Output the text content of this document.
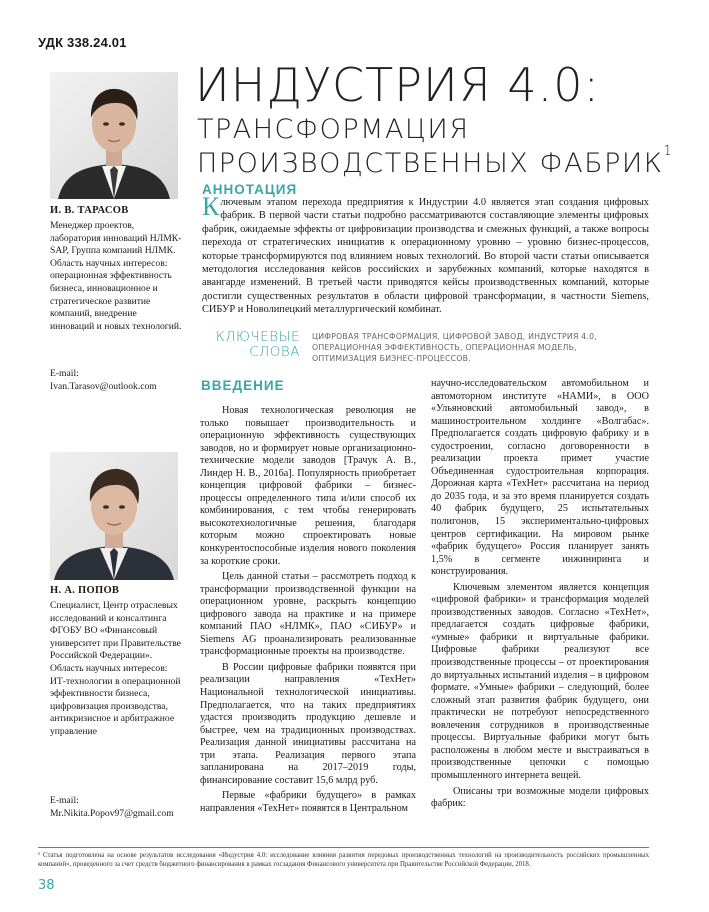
УДК 338.24.01
И. В. ТАРАСОВ
Менеджер проектов, лаборатория инноваций НЛМК-SAP, Группа компаний НЛМК. Область научных интересов: операционная эффективность бизнеса, инновационное и стратегическое развитие компаний, внедрение инноваций и новых технологий.
E-mail:
Ivan.Tarasov@outlook.com
Н. А. ПОПОВ
Специалист, Центр отраслевых исследований и консалтинга ФГОБУ ВО «Финансовый университет при Правительстве Российской Федерации». Область научных интересов: ИТ-технологии в операционной эффективности бизнеса, цифровизация производства, антикризисное и арбитражное управление
E-mail:
Mr.Nikita.Popov97@gmail.com
ИНДУСТРИЯ 4.0:
ТРАНСФОРМАЦИЯ
ПРОИЗВОДСТВЕННЫХ ФАБРИК$^1$
АННОТАЦИЯ
Ключевым этапом перехода предприятия к Индустрии 4.0 является этап создания цифровых фабрик. В первой части статьи подробно рассматриваются составляющие элементы цифровых фабрик, ожидаемые эффекты от цифровизации производства и смежных функций, а также вопросы перехода от стратегических инициатив к операционному уровню – уровню бизнес-процессов, которые трансформируются под влиянием новых технологий. Во второй части статьи описывается методология исследования кейсов российских и зарубежных компаний, которые находятся в авангарде изменений. В третьей части приводятся кейсы производственных компаний, которые достигли существенных результатов в области цифровой трансформации, в частности Siemens, СИБУР и Новолипецкий металлургический комбинат.
КЛЮЧЕВЫЕ
СЛОВА
ЦИФРОВАЯ ТРАНСФОРМАЦИЯ, ЦИФРОВОЙ ЗАВОД, ИНДУСТРИЯ 4.0, ОПЕРАЦИОННАЯ ЭФФЕКТИВНОСТЬ, ОПЕРАЦИОННАЯ МОДЕЛЬ, ОПТИМИЗАЦИЯ БИЗНЕС-ПРОЦЕССОВ.
ВВЕДЕНИЕ

Новая технологическая революция не только повышает производительность и операционную эффективность существующих заводов, но и формирует новые организационно-технические модели заводов [Трачук А. В., Линдер Н. В., 2016а]. Популярность приобретает концепция цифровой фабрики – бизнес-процессы определенного типа и/или способ их комбинирования, с тем чтобы генерировать высокотехнологичные решения, благодаря которым можно спроектировать новые конкурентоспособные изделия нового поколения за короткие сроки.

Цель данной статьи – рассмотреть подход к трансформации производственной функции на операционном уровне, раскрыть концепцию цифрового завода на практике и на примере компаний ПАО «НЛМК», ПАО «СИБУР» и Siemens AG проанализировать реализованные трансформационные проекты на производстве.

В России цифровые фабрики появятся при реализации направления «ТехНет» Национальной технологической инициативы. Предполагается, что на таких предприятиях удастся производить продукцию дешевле и быстрее, чем на традиционных производствах. Реализация данной инициативы рассчитана на три этапа. Реализация первого этапа запланирована на 2017–2019 годы, финансирование составит 15,6 млрд руб.

Первые «фабрики будущего» в рамках направления «ТехНет» появятся в Центральном

научно-исследовательском автомобильном и автомоторном институте «НАМИ», в ООО «Ульяновский автомобильный завод», в машиностроительном холдинге «Волгабас». Предполагается создать цифровую фабрику и в судостроении, согласно договоренности в реализации проекта примет участие Объединенная судостроительная корпорация. Дорожная карта «ТехНет» рассчитана на период до 2035 года, и за это время планируется создать 40 фабрик будущего, 25 испытательных полигонов, 15 экспериментально-цифровых центров сертификации. На мировом рынке «фабрик будущего» Россия планирует занять 1,5% в сегменте инжиниринга и конструирования.

Ключевым элементом является концепция «цифровой фабрики» и трансформация моделей производственных заводов. Согласно «ТехНет», предлагается создать цифровые фабрики, «умные» фабрики и виртуальные фабрики. Цифровые фабрики реализуют все производственные процессы – от проектирования до виртуальных испытаний изделия – в цифровом формате. «Умные» фабрики – следующий, более сложный этап развития фабрик будущего, они практически не потребуют непосредственного вовлечения сотрудников в производственные процессы. Виртуальные фабрики могут быть расположены в любом месте и выстраиваться в производственные цепочки с помощью промышленного интернета вещей.

Описаны три возможные модели цифровых фабрик:

¹ Статья подготовлена на основе результатов исследования «Индустрия 4.0: исследование влияния развития передовых производственных технологий на производительность российских промышленных компаний», проведенного за счет средств бюджетного финансирования в рамках госзадания Финансового университета при Правительстве Российской Федерации, 2018.
38
